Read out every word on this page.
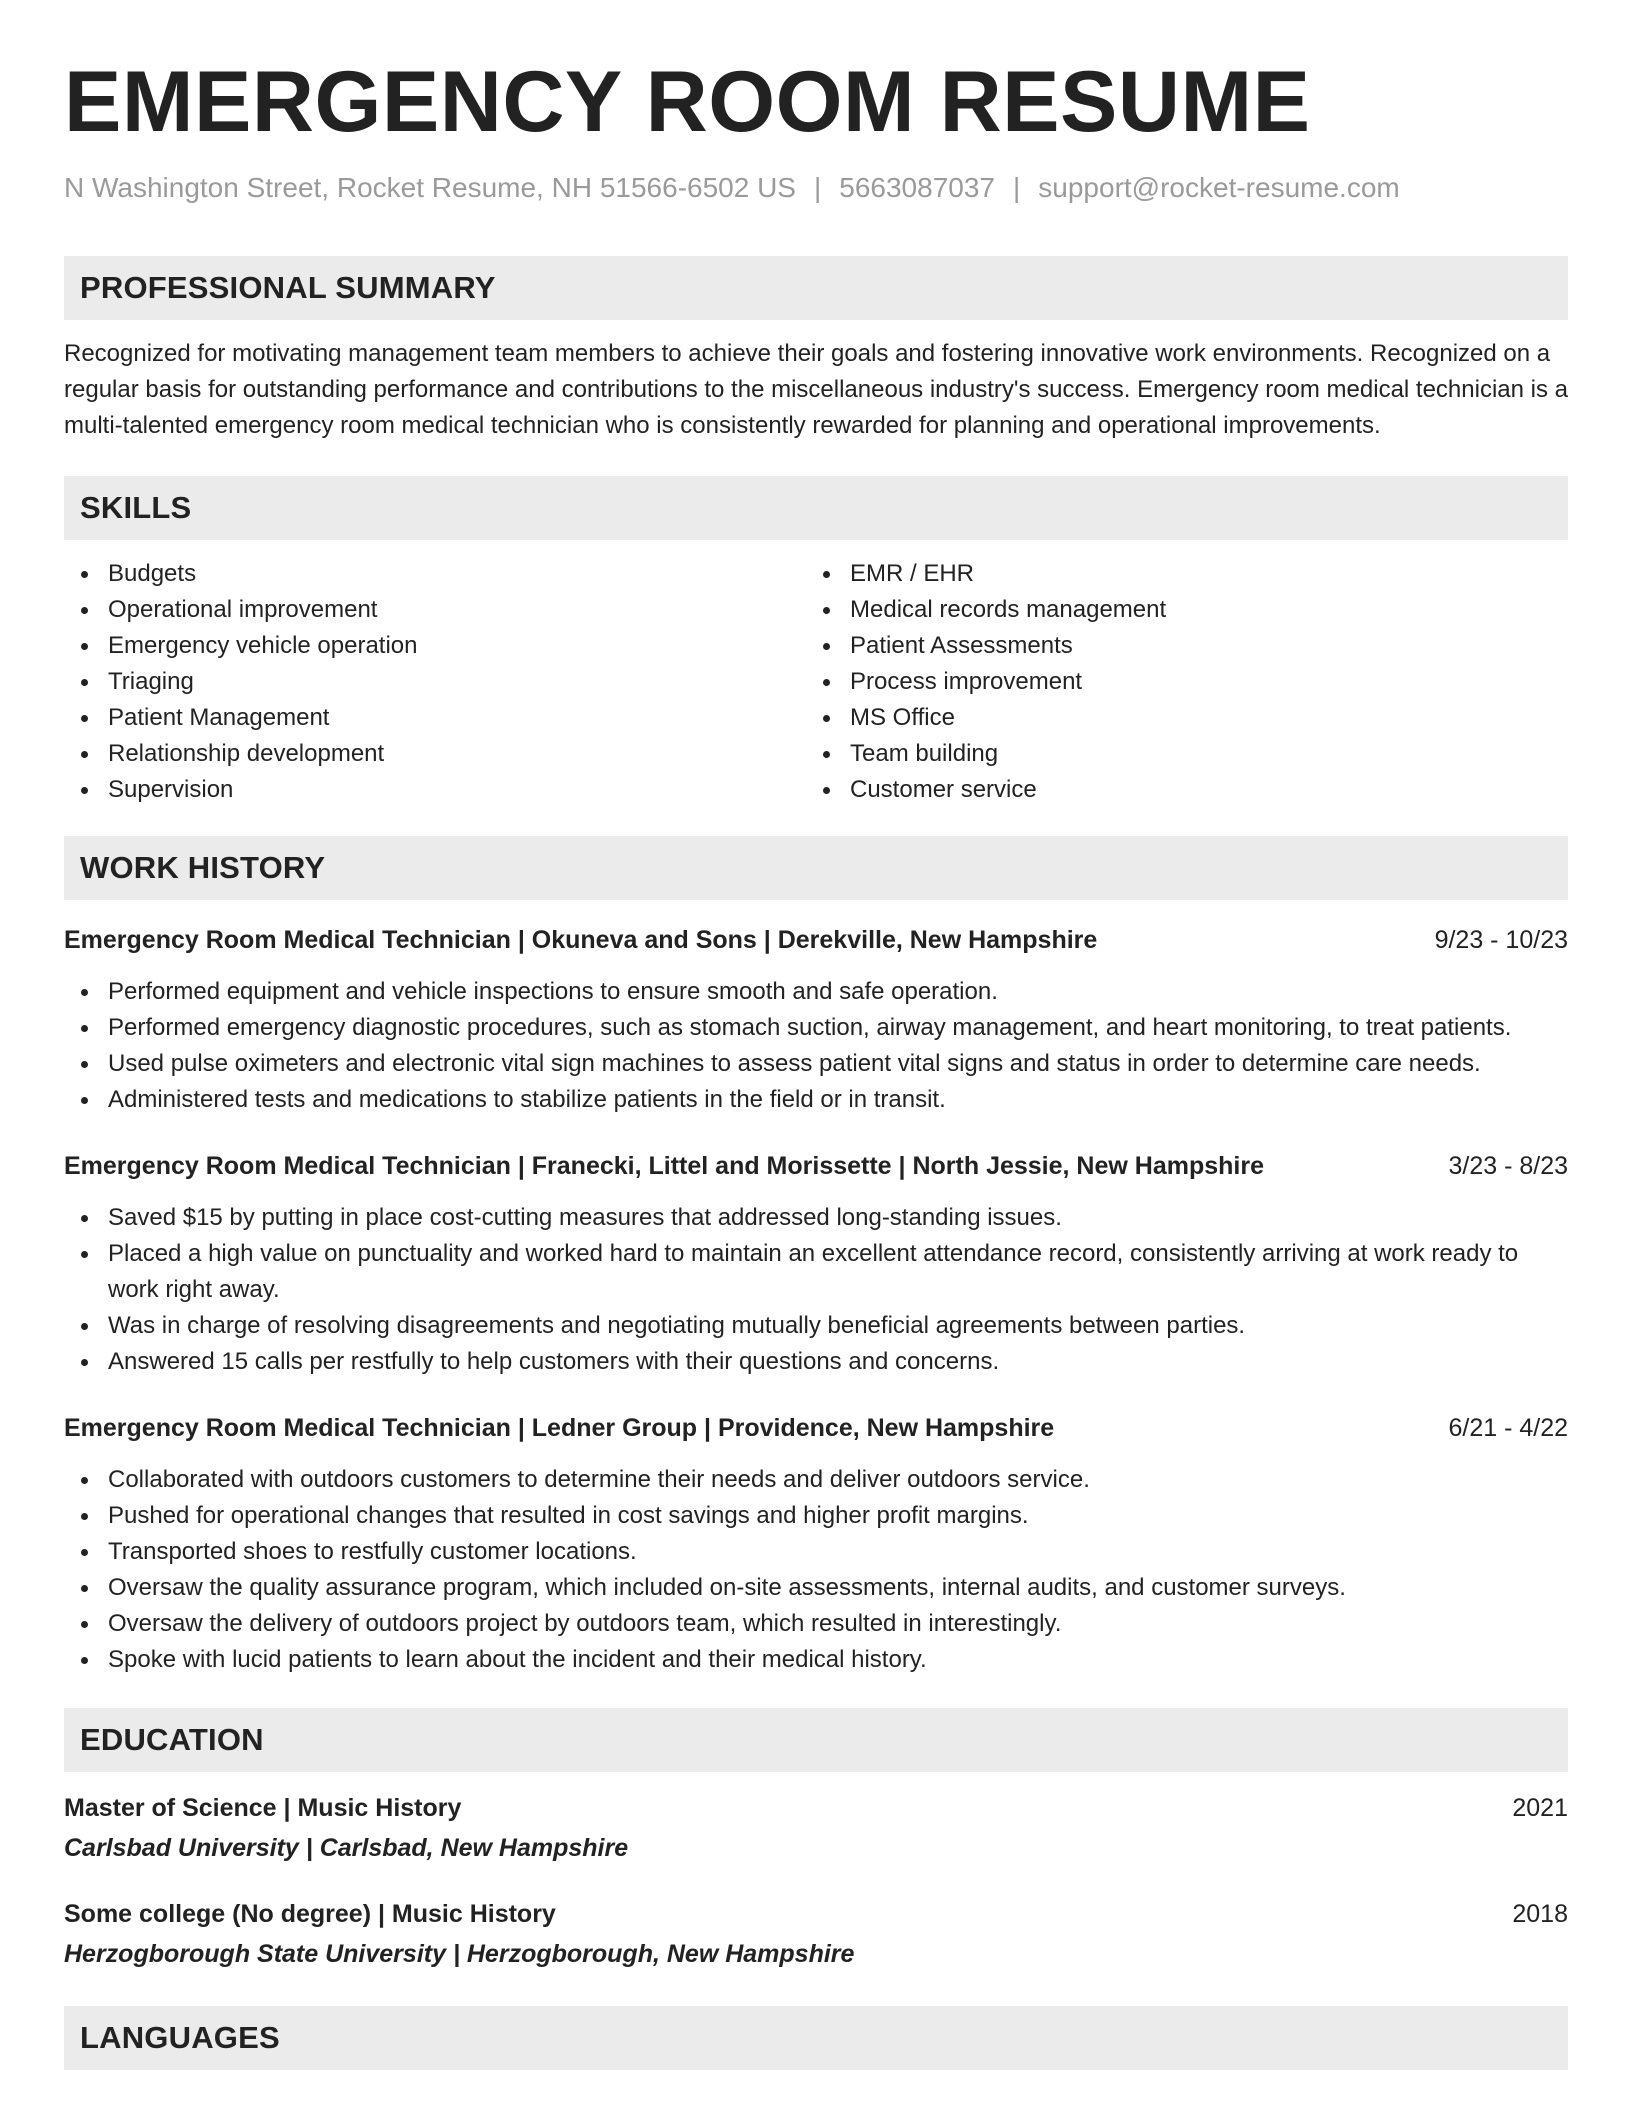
EMERGENCY ROOM RESUME
N Washington Street, Rocket Resume, NH 51566-6502 US | 5663087037 | support@rocket-resume.com
PROFESSIONAL SUMMARY

Recognized for motivating management team members to achieve their goals and fostering innovative work environments. Recognized on a regular basis for outstanding performance and contributions to the miscellaneous industry's success. Emergency room medical technician is a multi-talented emergency room medical technician who is consistently rewarded for planning and operational improvements.

SKILLS
Budgets
Operational improvement
Emergency vehicle operation
Triaging
Patient Management
Relationship development
Supervision
EMR / EHR
Medical records management
Patient Assessments
Process improvement
MS Office
Team building
Customer service
WORK HISTORY
Emergency Room Medical Technician | Okuneva and Sons | Derekville, New Hampshire	9/23 - 10/23
Performed equipment and vehicle inspections to ensure smooth and safe operation.
Performed emergency diagnostic procedures, such as stomach suction, airway management, and heart monitoring, to treat patients.
Used pulse oximeters and electronic vital sign machines to assess patient vital signs and status in order to determine care needs.
Administered tests and medications to stabilize patients in the field or in transit.
Emergency Room Medical Technician | Franecki, Littel and Morissette | North Jessie, New Hampshire	3/23 - 8/23
Saved $15 by putting in place cost-cutting measures that addressed long-standing issues.
Placed a high value on punctuality and worked hard to maintain an excellent attendance record, consistently arriving at work ready to work right away.
Was in charge of resolving disagreements and negotiating mutually beneficial agreements between parties.
Answered 15 calls per restfully to help customers with their questions and concerns.
Emergency Room Medical Technician | Ledner Group | Providence, New Hampshire	6/21 - 4/22
Collaborated with outdoors customers to determine their needs and deliver outdoors service.
Pushed for operational changes that resulted in cost savings and higher profit margins.
Transported shoes to restfully customer locations.
Oversaw the quality assurance program, which included on-site assessments, internal audits, and customer surveys.
Oversaw the delivery of outdoors project by outdoors team, which resulted in interestingly.
Spoke with lucid patients to learn about the incident and their medical history.
EDUCATION
Master of Science | Music History	2021
Carlsbad University | Carlsbad, New Hampshire
Some college (No degree) | Music History	2018
Herzogborough State University | Herzogborough, New Hampshire
LANGUAGES
